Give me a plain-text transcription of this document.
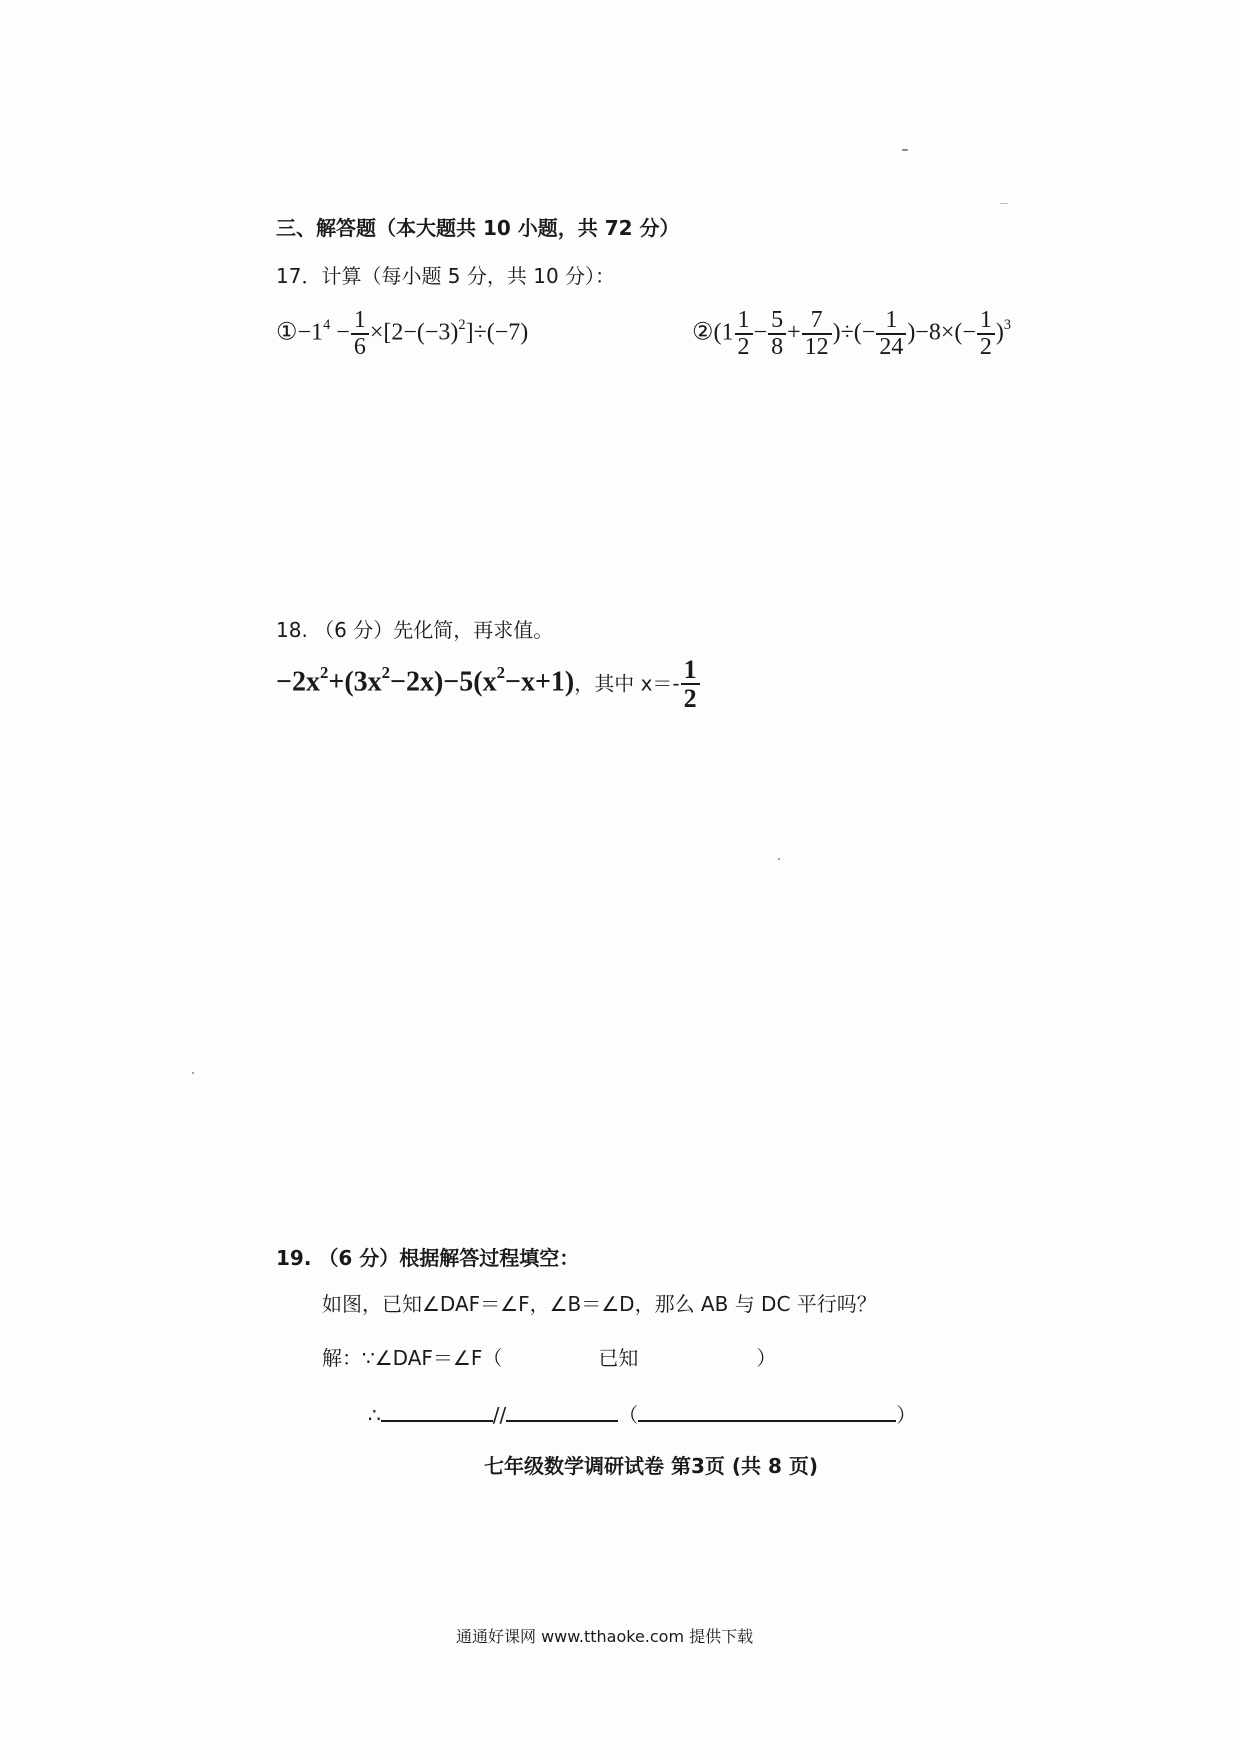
三、解答题（本大题共 10 小题，共 72 分）
17．计算（每小题 5 分，共 10 分）：
$①-1^4 - \frac{1}{6} \times[2-(-3)^2]\div(-7)$	②(1 $\frac{1}{2} - \frac{5}{8} + \frac{7}{12}$ )÷(− $\frac{1}{24} )-8\times(- \frac{1}{2} )^3$
18. （6 分）先化简，再求值。
$-2x^2+(3x^2-2x)-5(x^2-x+1)$，其中 $x=- \frac{1}{2}$
19. （6 分）根据解答过程填空：
如图，已知∠DAF＝∠F，∠B＝∠D，那么 AB 与 DC 平行吗？
解：∵∠DAF＝∠F（	已知	）
∴	//	（	）
七年级数学调研试卷 第3页 (共 8 页)
通通好课网 www.tthaoke.com 提供下载
